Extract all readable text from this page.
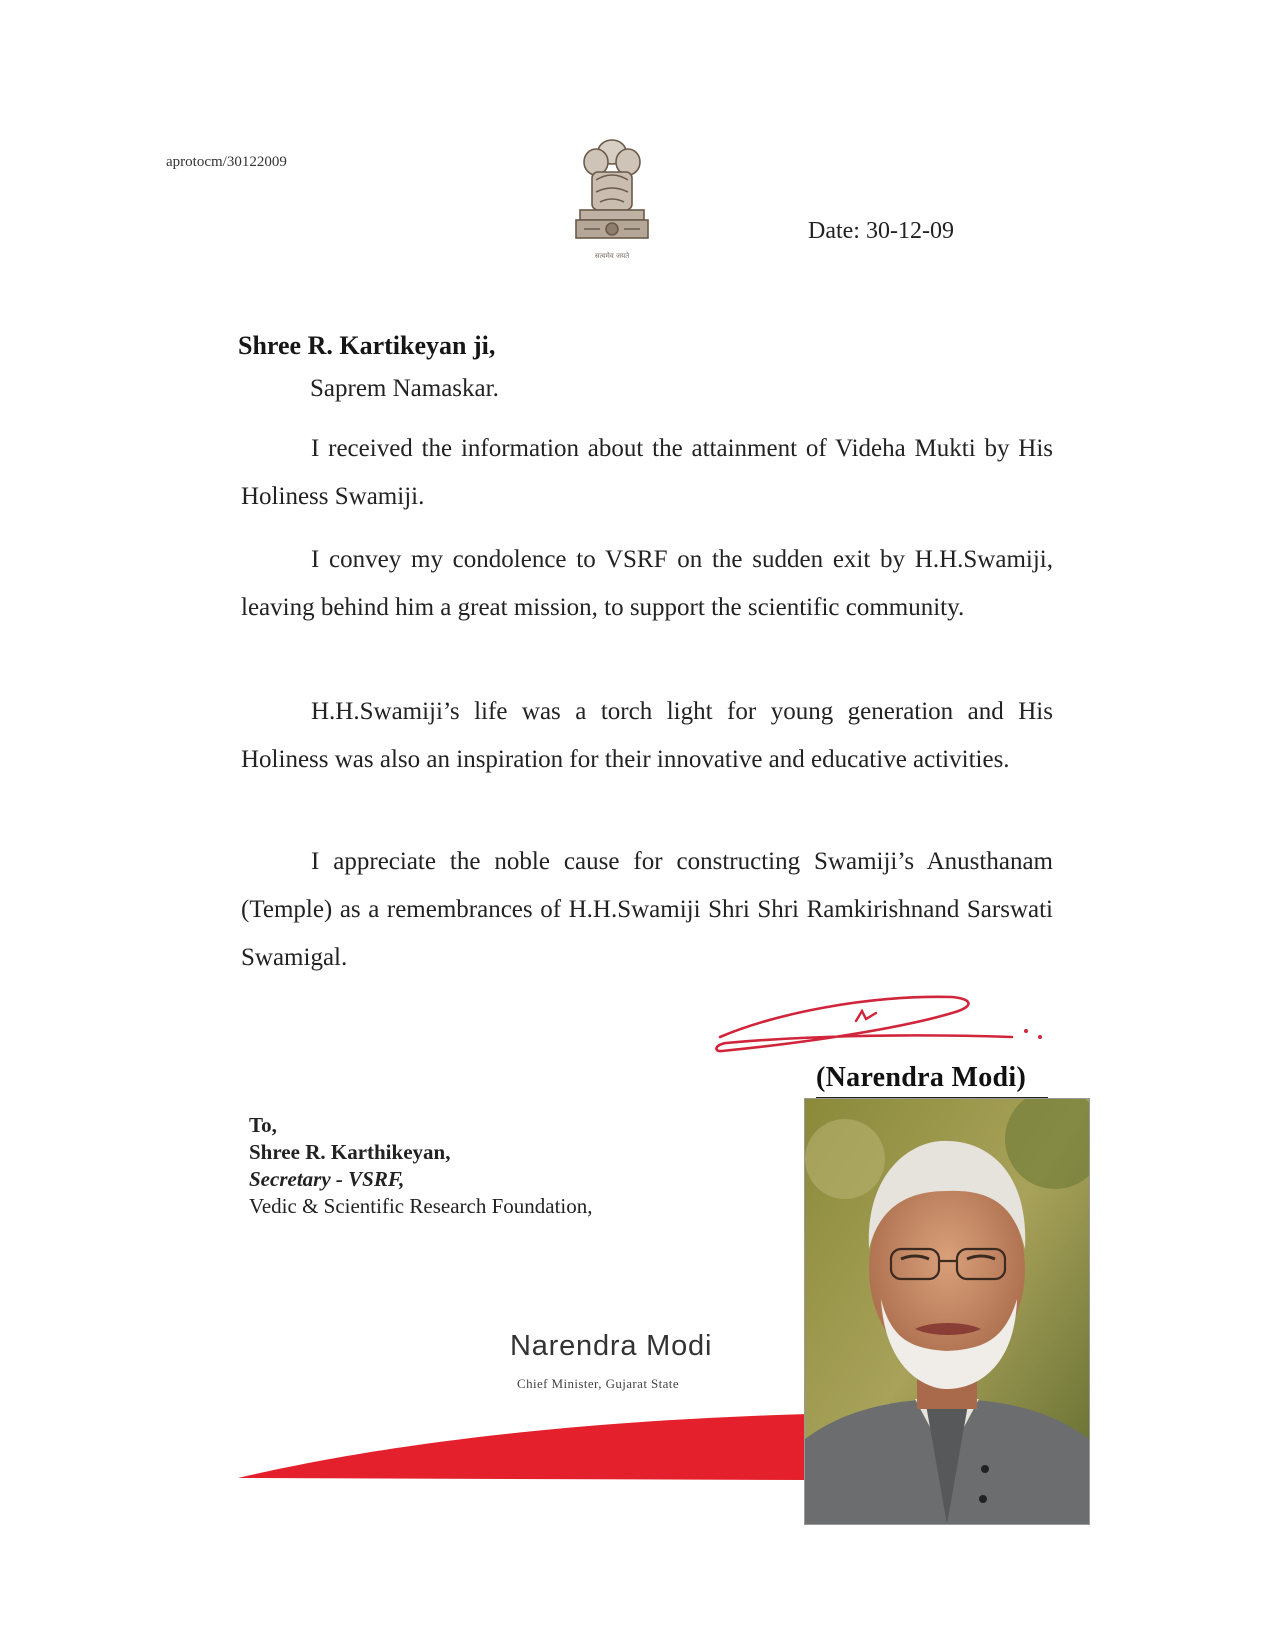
aprotocm/30122009
सत्यमेव जयते
Date: 30-12-09
Shree R. Kartikeyan ji,
Saprem Namaskar.

I received the information about the attainment of Videha Mukti by His Holiness Swamiji.

I convey my condolence to VSRF on the sudden exit by H.H.Swamiji, leaving behind him a great mission, to support the scientific community.

H.H.Swamiji’s life was a torch light for young generation and His Holiness was also an inspiration for their innovative and educative activities.

I appreciate the noble cause for constructing Swamiji’s Anusthanam (Temple) as a remembrances of H.H.Swamiji Shri Shri Ramkirishnand Sarswati Swamigal.

(Narendra Modi)
To,
Shree R. Karthikeyan,
Secretary - VSRF,
Vedic & Scientific Research Foundation,
Narendra Modi
Chief Minister, Gujarat State
